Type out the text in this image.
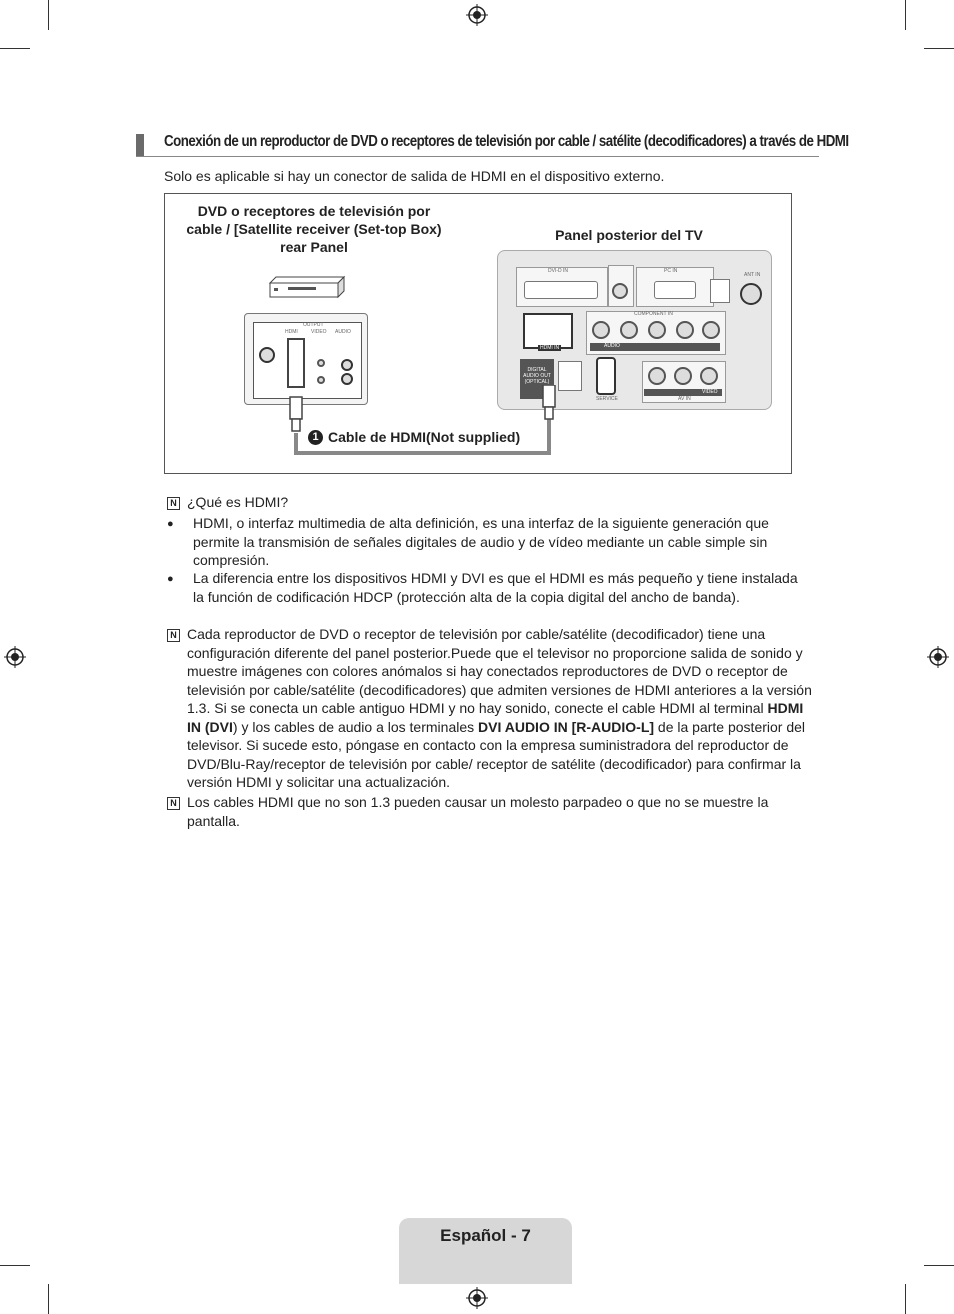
Conexión de un reproductor de DVD o receptores de televisión por cable / satélite (decodificadores) a través de HDMI
Solo es aplicable si hay un conector de salida de HDMI en el dispositivo externo.
DVD o receptores de televisión por
cable / [Satellite receiver (Set-top Box)
rear Panel
Panel posterior del TV
OUTPUT
HDMI	VIDEO AUDIO
DVI-D IN	PC IN
ANT IN
HDMI IN
COMPONENT IN
AUDIO
DIGITAL AUDIO OUT (OPTICAL)
SERVICE	AV IN
VIDEO
1 Cable de HDMI(Not supplied)
N ¿Qué es HDMI?
● HDMI, o interfaz multimedia de alta definición, es una interfaz de la siguiente generación que permite la transmisión de señales digitales de audio y de vídeo mediante un cable simple sin compresión.
● La diferencia entre los dispositivos HDMI y DVI es que el HDMI es más pequeño y tiene instalada la función de codificación HDCP (protección alta de la copia digital del ancho de banda).
N Cada reproductor de DVD o receptor de televisión por cable/satélite (decodificador) tiene una configuración diferente del panel posterior.Puede que el televisor no proporcione salida de sonido y muestre imágenes con colores anómalos si hay conectados reproductores de DVD o receptor de televisión por cable/satélite (decodificadores) que admiten versiones de HDMI anteriores a la versión 1.3. Si se conecta un cable antiguo HDMI y no hay sonido, conecte el cable HDMI al terminal HDMI IN (DVI) y los cables de audio a los terminales DVI AUDIO IN [R-AUDIO-L] de la parte posterior del televisor. Si sucede esto, póngase en contacto con la empresa suministradora del reproductor de DVD/Blu-Ray/receptor de televisión por cable/ receptor de satélite (decodificador) para confirmar la versión HDMI y solicitar una actualización.
N Los cables HDMI que no son 1.3 pueden causar un molesto parpadeo o que no se muestre la pantalla.
Español - 7
